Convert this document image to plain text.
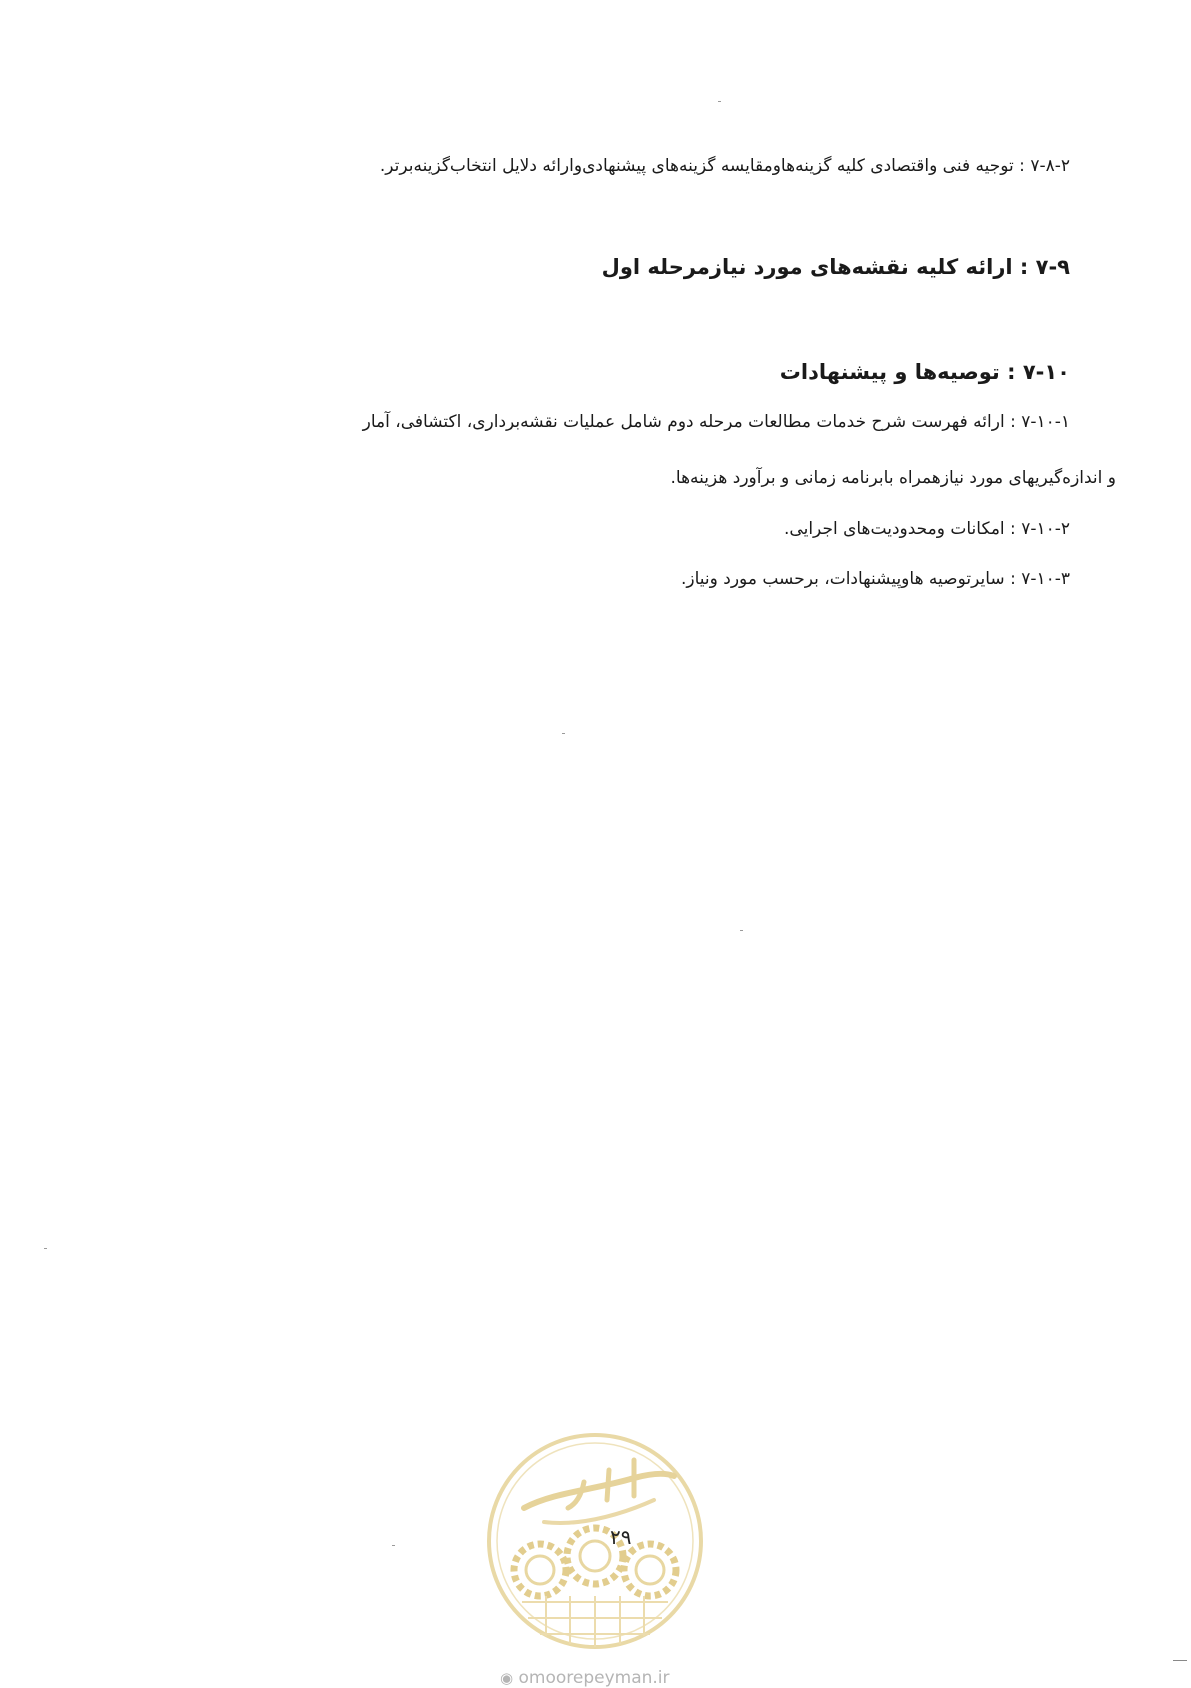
۷-۸-۲ : توجیه فنی واقتصادی کلیه گزینه‌هاومقایسه گزینه‌های پیشنهادی‌وارائه دلایل انتخاب‌گزینه‌برتر.
۷-۹ : ارائه کلیه نقشه‌های مورد نیازمرحله اول
۷-۱۰ : توصیه‌ها و پیشنهادات
۷-۱۰-۱ : ارائه فهرست شرح خدمات مطالعات مرحله دوم شامل عملیات نقشه‌برداری، اکتشافی، آمار
و اندازه‌گیریهای مورد نیازهمراه بابرنامه زمانی و برآورد هزینه‌ها.
۷-۱۰-۲ : امکانات ومحدودیت‌های اجرایی.
۷-۱۰-۳ : سایرتوصیه هاوپیشنهادات، برحسب مورد ونیاز.
۲۹
◉ omoorepeyman.ir
